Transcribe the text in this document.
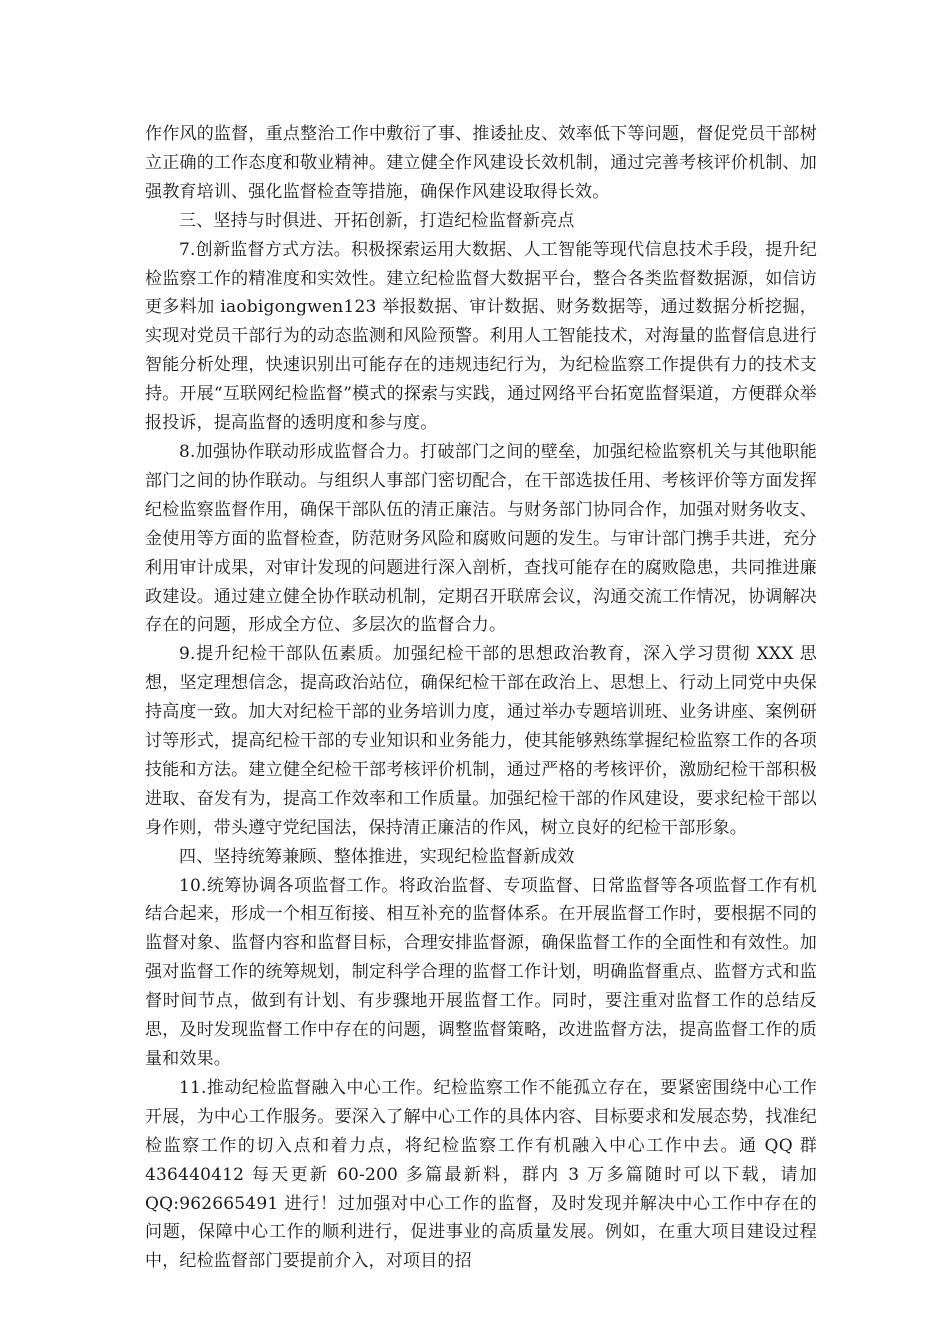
作作风的监督，重点整治工作中敷衍了事、推诿扯皮、效率低下等问题，督促党员干部树立正确的工作态度和敬业精神。建立健全作风建设长效机制，通过完善考核评价机制、加强教育培训、强化监督检查等措施，确保作风建设取得长效。

三、坚持与时俱进、开拓创新，打造纪检监督新亮点

7.创新监督方式方法。积极探索运用大数据、人工智能等现代信息技术手段，提升纪检监察工作的精准度和实效性。建立纪检监督大数据平台，整合各类监督数据源，如信访更多料加 iaobigongwen123 举报数据、审计数据、财务数据等，通过数据分析挖掘，实现对党员干部行为的动态监测和风险预警。利用人工智能技术，对海量的监督信息进行智能分析处理，快速识别出可能存在的违规违纪行为，为纪检监察工作提供有力的技术支持。开展“互联网纪检监督”模式的探索与实践，通过网络平台拓宽监督渠道，方便群众举报投诉，提高监督的透明度和参与度。

8.加强协作联动形成监督合力。打破部门之间的壁垒，加强纪检监察机关与其他职能部门之间的协作联动。与组织人事部门密切配合，在干部选拔任用、考核评价等方面发挥纪检监察监督作用，确保干部队伍的清正廉洁。与财务部门协同合作，加强对财务收支、金使用等方面的监督检查，防范财务风险和腐败问题的发生。与审计部门携手共进，充分利用审计成果，对审计发现的问题进行深入剖析，查找可能存在的腐败隐患，共同推进廉政建设。通过建立健全协作联动机制，定期召开联席会议，沟通交流工作情况，协调解决存在的问题，形成全方位、多层次的监督合力。

9.提升纪检干部队伍素质。加强纪检干部的思想政治教育，深入学习贯彻 XXX 思想，坚定理想信念，提高政治站位，确保纪检干部在政治上、思想上、行动上同党中央保持高度一致。加大对纪检干部的业务培训力度，通过举办专题培训班、业务讲座、案例研讨等形式，提高纪检干部的专业知识和业务能力，使其能够熟练掌握纪检监察工作的各项技能和方法。建立健全纪检干部考核评价机制，通过严格的考核评价，激励纪检干部积极进取、奋发有为，提高工作效率和工作质量。加强纪检干部的作风建设，要求纪检干部以身作则，带头遵守党纪国法，保持清正廉洁的作风，树立良好的纪检干部形象。

四、坚持统筹兼顾、整体推进，实现纪检监督新成效

10.统筹协调各项监督工作。将政治监督、专项监督、日常监督等各项监督工作有机结合起来，形成一个相互衔接、相互补充的监督体系。在开展监督工作时，要根据不同的监督对象、监督内容和监督目标，合理安排监督源，确保监督工作的全面性和有效性。加强对监督工作的统筹规划，制定科学合理的监督工作计划，明确监督重点、监督方式和监督时间节点，做到有计划、有步骤地开展监督工作。同时，要注重对监督工作的总结反思，及时发现监督工作中存在的问题，调整监督策略，改进监督方法，提高监督工作的质量和效果。

11.推动纪检监督融入中心工作。纪检监察工作不能孤立存在，要紧密围绕中心工作开展，为中心工作服务。要深入了解中心工作的具体内容、目标要求和发展态势，找准纪检监察工作的切入点和着力点，将纪检监察工作有机融入中心工作中去。通 QQ 群 436440412 每天更新 60-200 多篇最新料，群内 3 万多篇随时可以下载，请加 QQ:962665491 进行！过加强对中心工作的监督，及时发现并解决中心工作中存在的问题，保障中心工作的顺利进行，促进事业的高质量发展。例如，在重大项目建设过程中，纪检监督部门要提前介入，对项目的招
